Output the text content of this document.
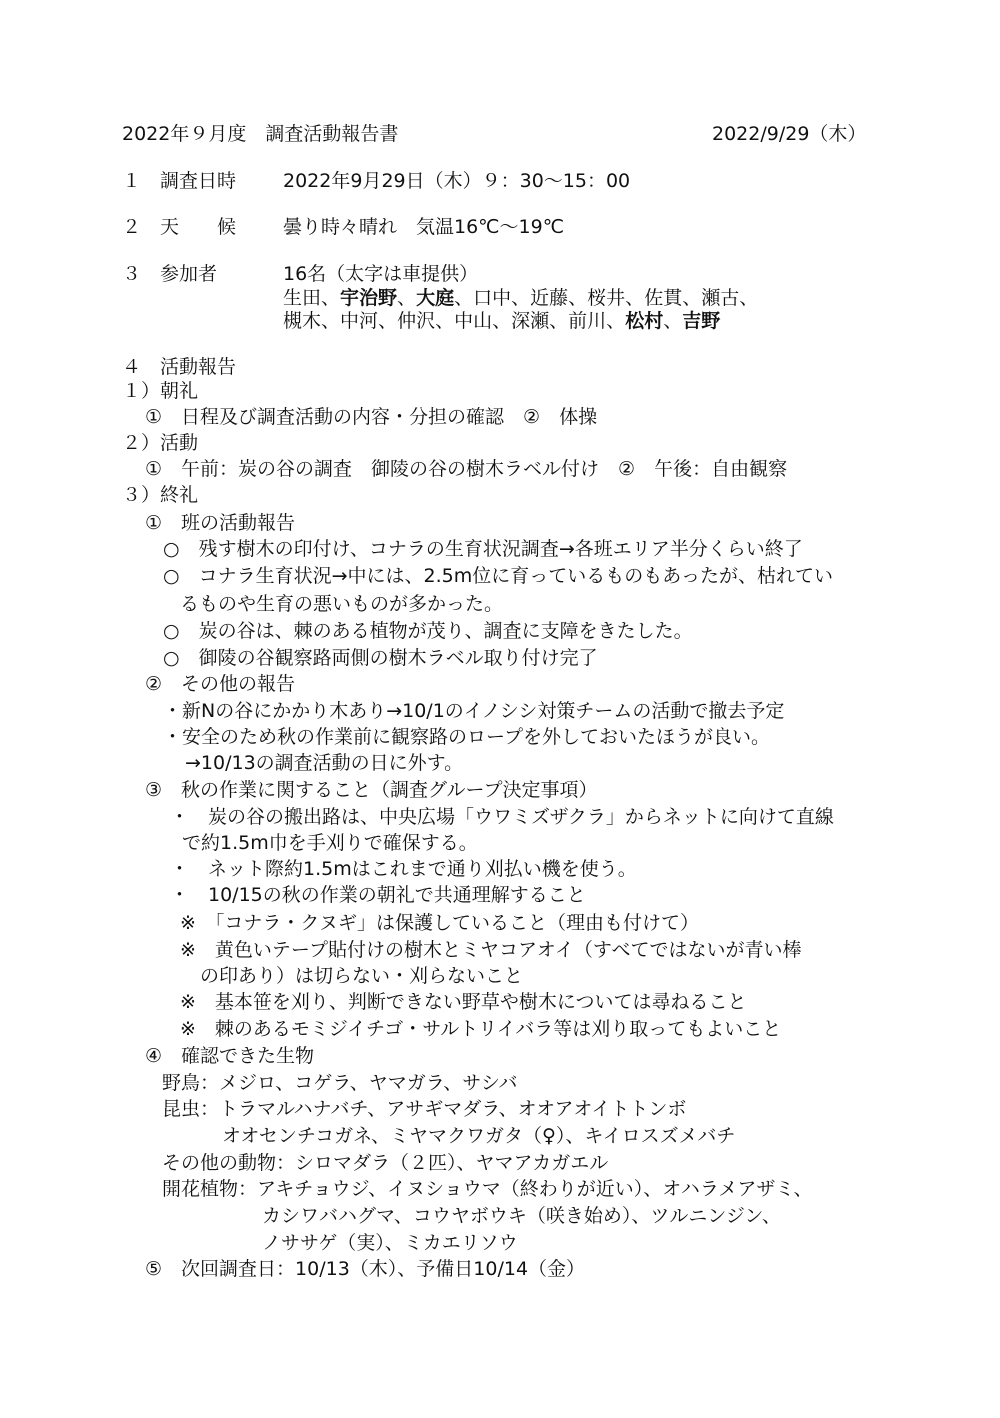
2022年９月度　調査活動報告書	2022/9/29（木）
１　調査日時 2022年9月29日（木）９：30〜15：00
２　天　　候 曇り時々晴れ　気温16℃〜19℃
３　参加者	16名（太字は車提供）
生田、宇治野、大庭、口中、近藤、桜井、佐貫、瀬古、
槻木、中河、仲沢、中山、深瀬、前川、松村、吉野
４　活動報告
１）朝礼
①　日程及び調査活動の内容・分担の確認　②　体操
２）活動
①　午前：炭の谷の調査　御陵の谷の樹木ラベル付け　②　午後：自由観察
３）終礼
①　班の活動報告
○　残す樹木の印付け、コナラの生育状況調査→各班エリア半分くらい終了
○　コナラ生育状況→中には、2.5m位に育っているものもあったが、枯れてい
るものや生育の悪いものが多かった。
○　炭の谷は、棘のある植物が茂り、調査に支障をきたした。
○　御陵の谷観察路両側の樹木ラベル取り付け完了
②　その他の報告
・新Nの谷にかかり木あり→10/1のイノシシ対策チームの活動で撤去予定
・安全のため秋の作業前に観察路のロープを外しておいたほうが良い。
→10/13の調査活動の日に外す。
③　秋の作業に関すること（調査グループ決定事項）
・　炭の谷の搬出路は、中央広場「ウワミズザクラ」からネットに向けて直線
で約1.5m巾を手刈りで確保する。
・　ネット際約1.5mはこれまで通り刈払い機を使う。
・　10/15の秋の作業の朝礼で共通理解すること
※　「コナラ・クヌギ」は保護していること（理由も付けて）
※　黄色いテープ貼付けの樹木とミヤコアオイ（すべてではないが青い棒
の印あり）は切らない・刈らないこと
※　基本笹を刈り、判断できない野草や樹木については尋ねること
※　棘のあるモミジイチゴ・サルトリイバラ等は刈り取ってもよいこと
④　確認できた生物
野鳥：メジロ、コゲラ、ヤマガラ、サシバ
昆虫：トラマルハナバチ、アサギマダラ、オオアオイトトンボ
オオセンチコガネ、ミヤマクワガタ（♀）、キイロスズメバチ
その他の動物：シロマダラ（２匹）、ヤマアカガエル
開花植物：アキチョウジ、イヌショウマ（終わりが近い）、オハラメアザミ、
カシワバハグマ、コウヤボウキ（咲き始め）、ツルニンジン、
ノササゲ（実）、ミカエリソウ
⑤　次回調査日：10/13（木）、予備日10/14（金）
